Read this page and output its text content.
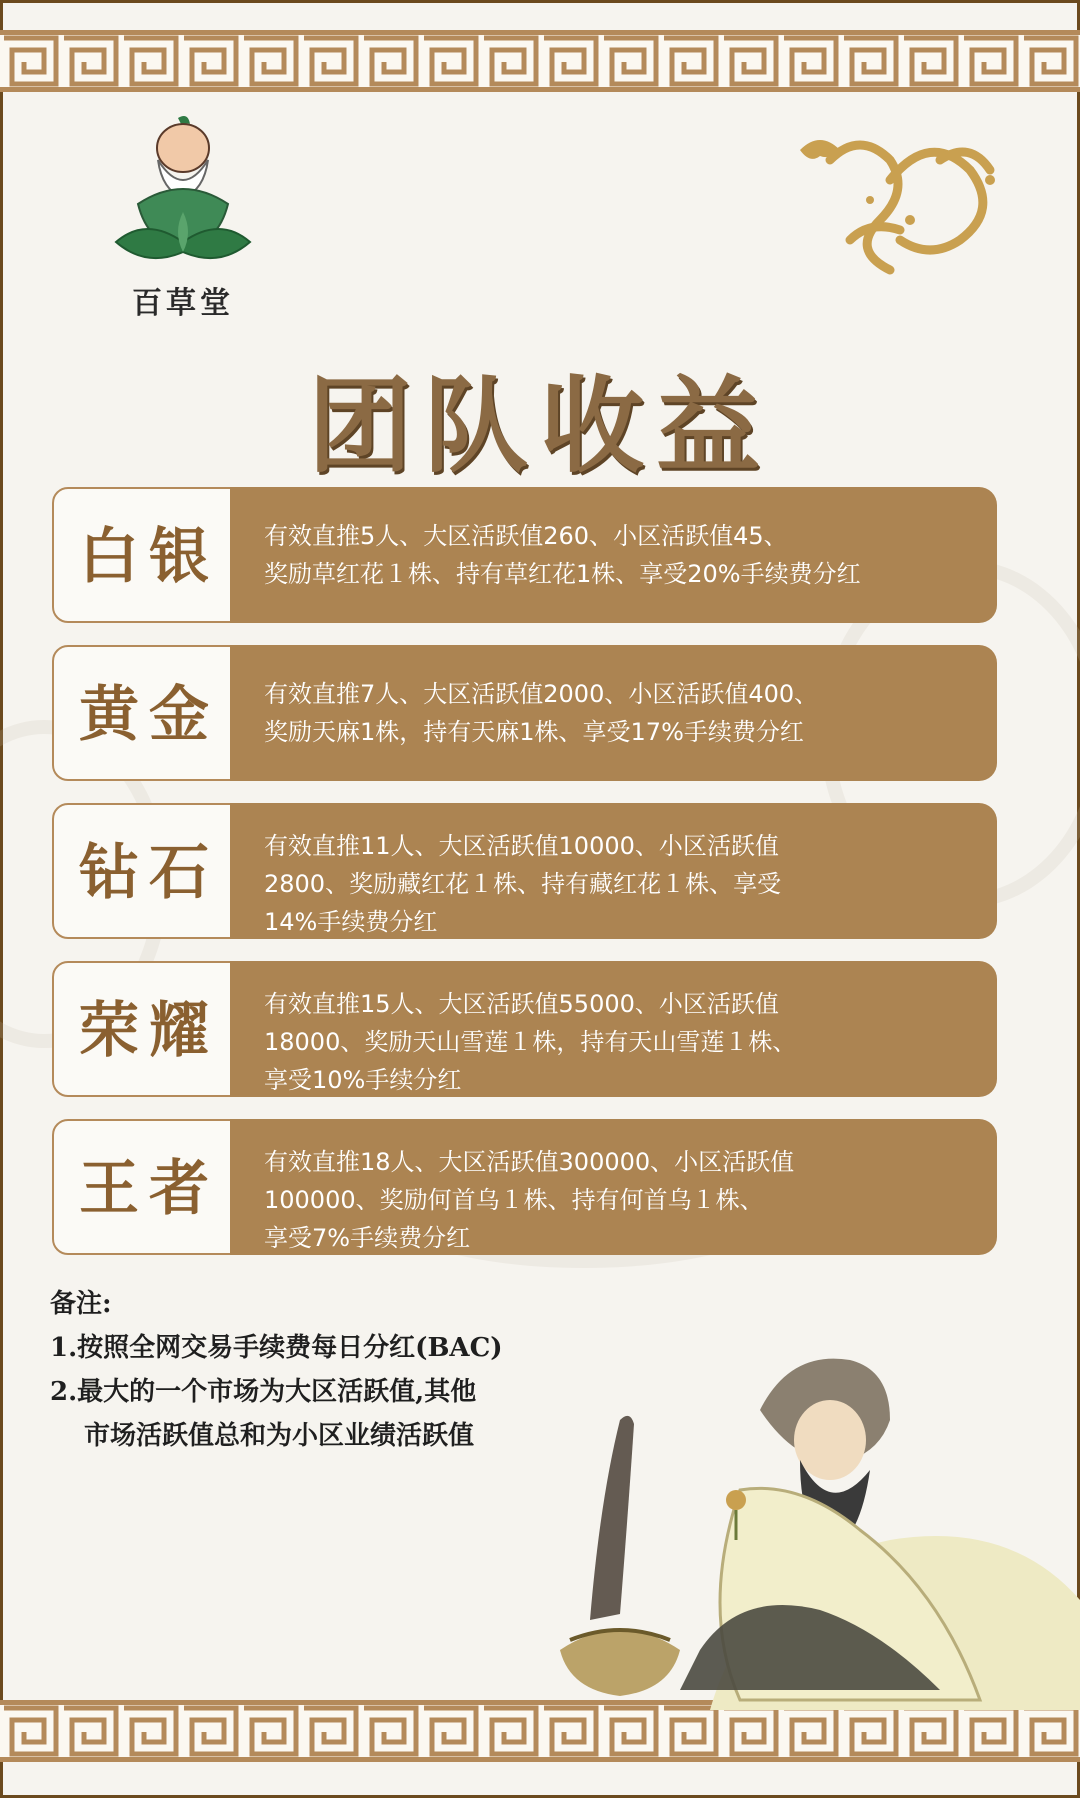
百草堂
团队收益
白银	有效直推5人、大区活跃值260、小区活跃值45、
奖励草红花１株、持有草红花1株、享受20%手续费分红
黄金	有效直推7人、大区活跃值2000、小区活跃值400、
奖励天麻1株，持有天麻1株、享受17%手续费分红
钻石	有效直推11人、大区活跃值10000、小区活跃值
2800、奖励藏红花１株、持有藏红花１株、享受
14%手续费分红
荣耀	有效直推15人、大区活跃值55000、小区活跃值
18000、奖励天山雪莲１株，持有天山雪莲１株、
享受10%手续分红
王者	有效直推18人、大区活跃值300000、小区活跃值
100000、奖励何首乌１株、持有何首乌１株、
享受7%手续费分红
备注:
1.按照全网交易手续费每日分红(BAC)
2.最大的一个市场为大区活跃值,其他
市场活跃值总和为小区业绩活跃值
